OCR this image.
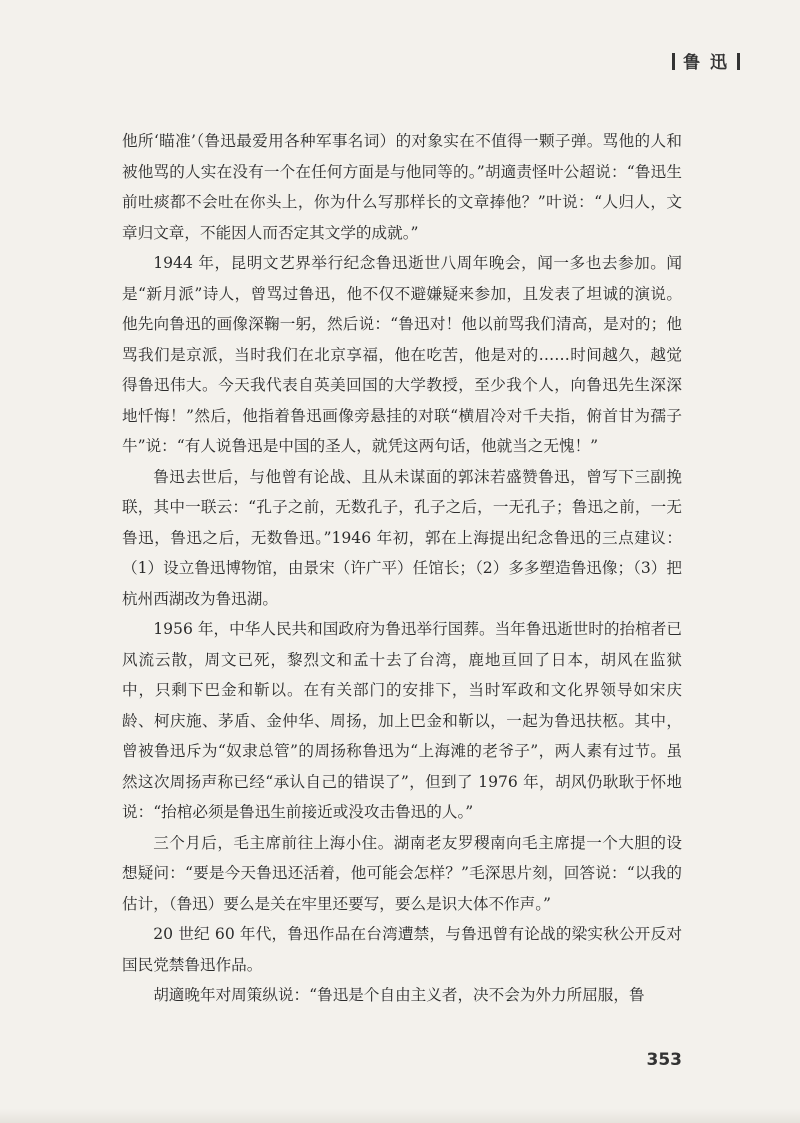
鲁 迅

他所‘瞄准’（鲁迅最爱用各种军事名词）的对象实在不值得一颗子弹。骂他的人和被他骂的人实在没有一个在任何方面是与他同等的。”胡適责怪叶公超说：“鲁迅生前吐痰都不会吐在你头上，你为什么写那样长的文章捧他？”叶说：“人归人，文章归文章，不能因人而否定其文学的成就。”

1944 年，昆明文艺界举行纪念鲁迅逝世八周年晚会，闻一多也去参加。闻是“新月派”诗人，曾骂过鲁迅，他不仅不避嫌疑来参加，且发表了坦诚的演说。他先向鲁迅的画像深鞠一躬，然后说：“鲁迅对！他以前骂我们清高，是对的；他骂我们是京派，当时我们在北京享福，他在吃苦，他是对的……时间越久，越觉得鲁迅伟大。今天我代表自英美回国的大学教授，至少我个人，向鲁迅先生深深地忏悔！”然后，他指着鲁迅画像旁悬挂的对联“横眉冷对千夫指，俯首甘为孺子牛”说：“有人说鲁迅是中国的圣人，就凭这两句话，他就当之无愧！”

鲁迅去世后，与他曾有论战、且从未谋面的郭沫若盛赞鲁迅，曾写下三副挽联，其中一联云：“孔子之前，无数孔子，孔子之后，一无孔子；鲁迅之前，一无鲁迅，鲁迅之后，无数鲁迅。”1946 年初，郭在上海提出纪念鲁迅的三点建议：（1）设立鲁迅博物馆，由景宋（许广平）任馆长；（2）多多塑造鲁迅像；（3）把杭州西湖改为鲁迅湖。

1956 年，中华人民共和国政府为鲁迅举行国葬。当年鲁迅逝世时的抬棺者已风流云散，周文已死，黎烈文和孟十去了台湾，鹿地亘回了日本，胡风在监狱中，只剩下巴金和靳以。在有关部门的安排下，当时军政和文化界领导如宋庆龄、柯庆施、茅盾、金仲华、周扬，加上巴金和靳以，一起为鲁迅扶柩。其中，曾被鲁迅斥为“奴隶总管”的周扬称鲁迅为“上海滩的老爷子”，两人素有过节。虽然这次周扬声称已经“承认自己的错误了”，但到了 1976 年，胡风仍耿耿于怀地说：“抬棺必须是鲁迅生前接近或没攻击鲁迅的人。”

三个月后，毛主席前往上海小住。湖南老友罗稷南向毛主席提一个大胆的设想疑问：“要是今天鲁迅还活着，他可能会怎样？”毛深思片刻，回答说：“以我的估计，（鲁迅）要么是关在牢里还要写，要么是识大体不作声。”

20 世纪 60 年代，鲁迅作品在台湾遭禁，与鲁迅曾有论战的梁实秋公开反对国民党禁鲁迅作品。

胡適晚年对周策纵说：“鲁迅是个自由主义者，决不会为外力所屈服，鲁

353
